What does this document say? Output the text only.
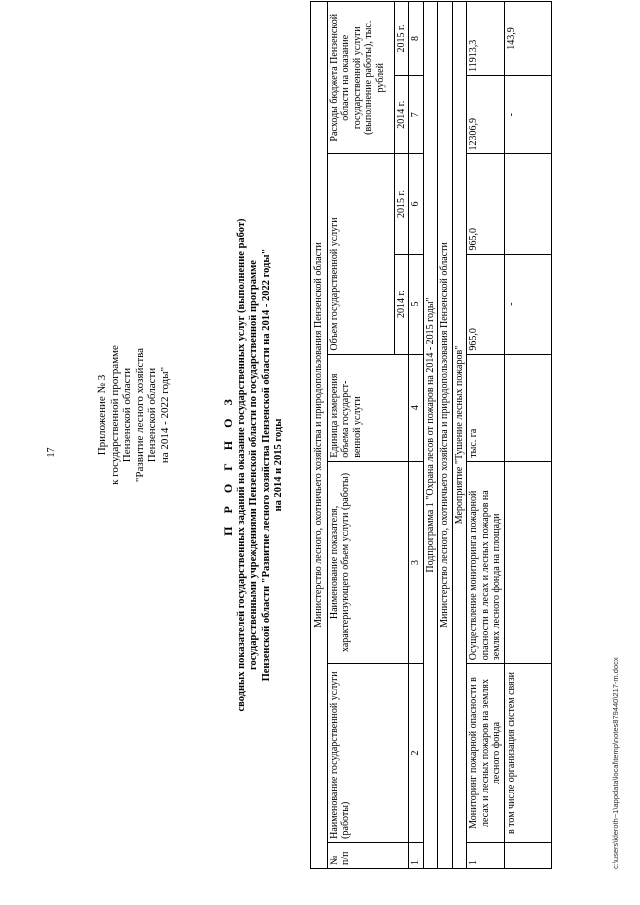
17	Приложение № 3 к государственной программе Пензенской области "Развитие лесного хозяйства Пензенской области на 2014 - 2022 годы"	П Р О Г Н О З сводных показателей государственных заданий на оказание государственных услуг (выполнение работ) государственными учреждениями Пензенской области по государственной программе Пензенской области "Развитие лесного хозяйства Пензенской области на 2014 - 2022 годы" на 2014 и 2015 годы	Министерство лесного, охотничьего хозяйства и природопользования Пензенской области							
№ п/п	Наименование государственной услуги (работы)	Наименование показателя, характеризующего объем услуги (работы)	Единица измерения объема государст- венной услуги	Объем государственной услуги		Расходы бюджета Пензенской области на оказание государственной услуги (выполнение работы), тыс. рублей	
				2014 г.	2015 г.	2014 г.	2015 г.
1	2	3	4	5	6	7	8
Подпрограмма 1 "Охрана лесов от пожаров на 2014 - 2015 годы"							
Министерство лесного, охотничьего хозяйства и природопользования Пензенской области							
Мероприятие "Тушение лесных пожаров"							
1	Мониторинг пожарной опасности в лесах и лесных пожаров на землях лесного фонда	Осуществление мониторинга пожарной опасности в лесах и лесных пожаров на землях лесного фонда на площади	тыс. га	965,0	965,0	12306,9	11913,3
	в том числе организация систем связи			-		-	143,9
c:\users\kleroth~1\appdata\local\temp\notes879440\217-m.docx
